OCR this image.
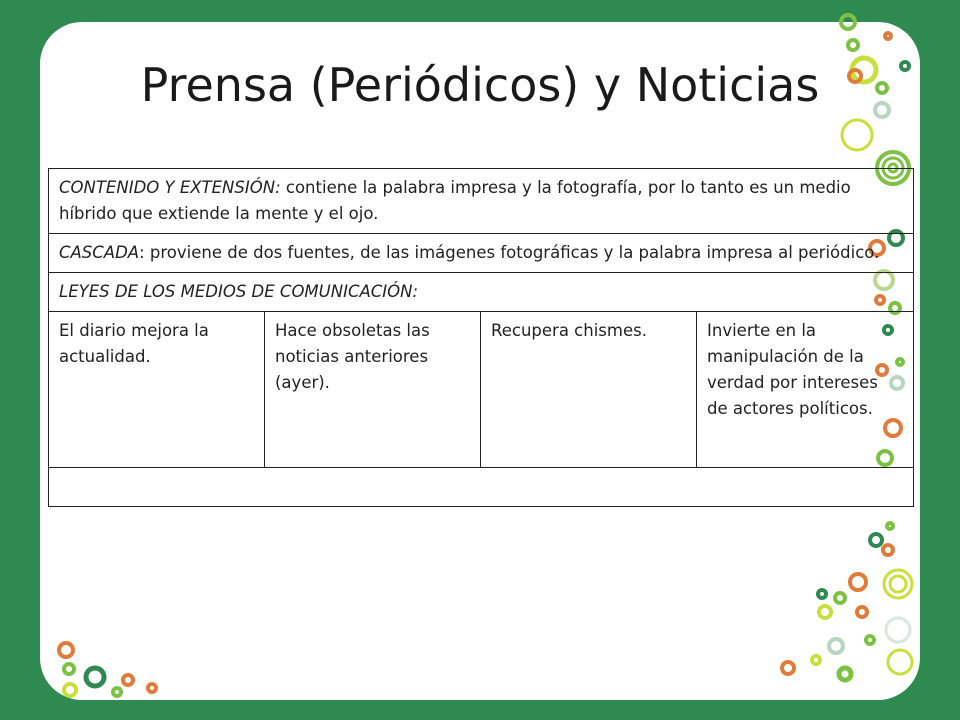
Prensa (Periódicos) y Noticias
CONTENIDO Y EXTENSIÓN: contiene la palabra impresa y la fotografía, por lo tanto es un medio híbrido que extiende la mente y el ojo.
CASCADA: proviene de dos fuentes, de las imágenes fotográficas y la palabra impresa al periódico.
LEYES DE LOS MEDIOS DE COMUNICACIÓN:
El diario mejora la actualidad.	Hace obsoletas las noticias anteriores (ayer).	Recupera chismes.	Invierte en la manipulación de la verdad por intereses de actores políticos.
